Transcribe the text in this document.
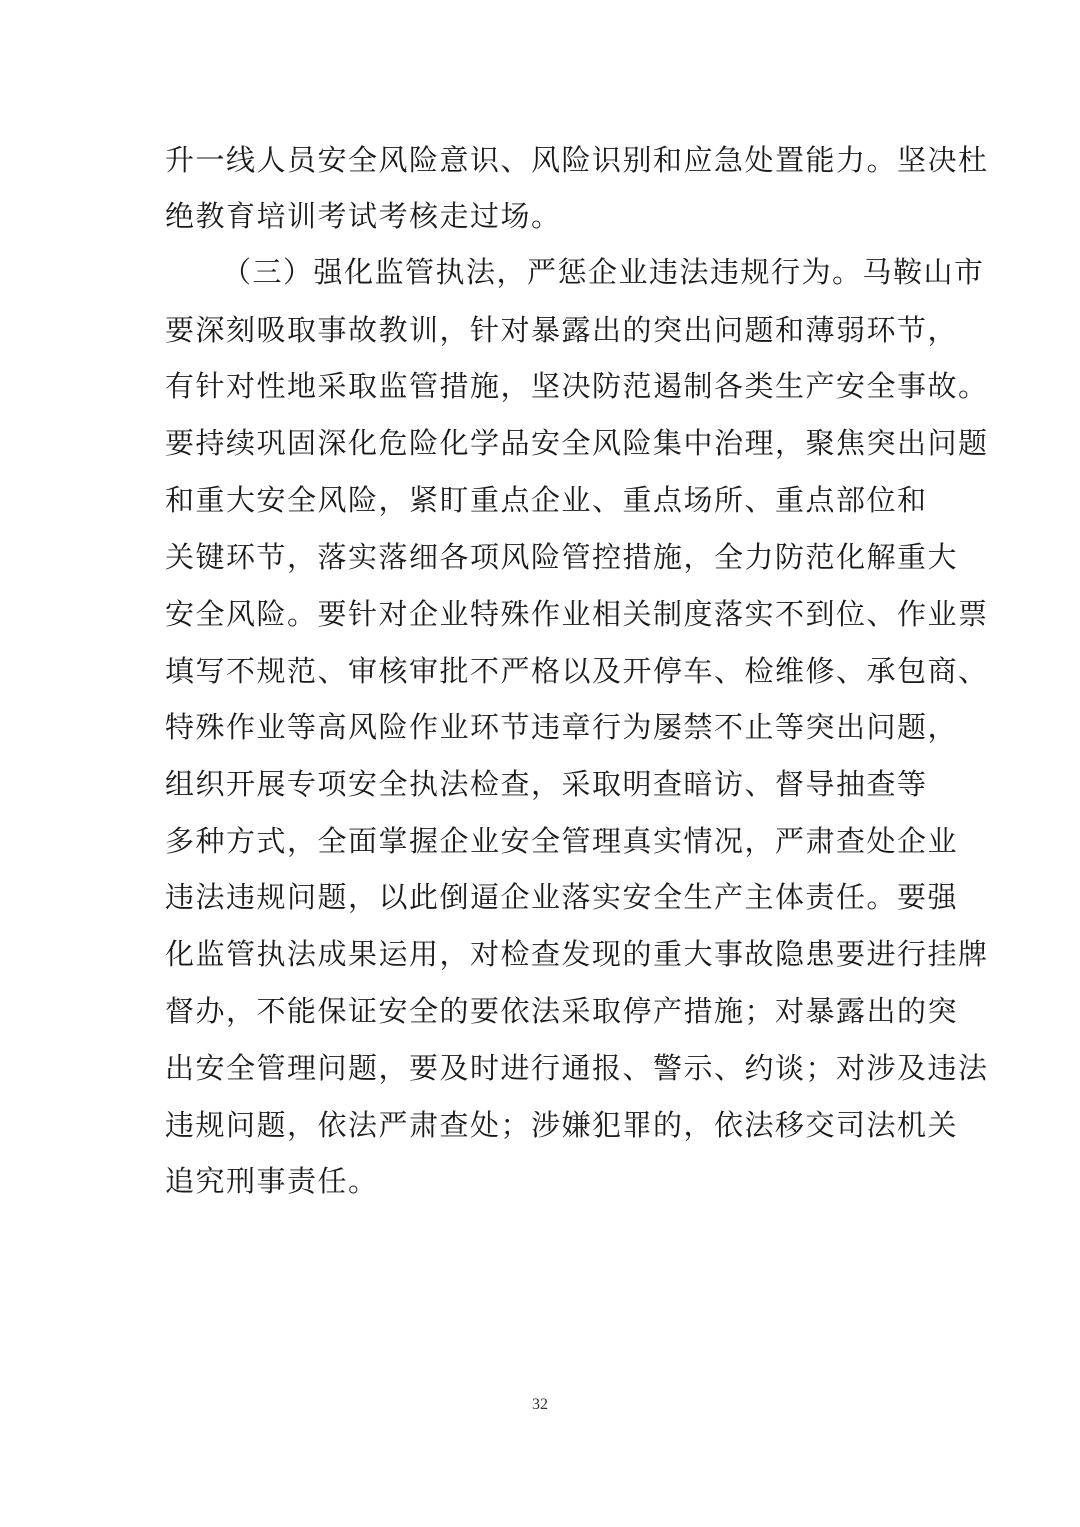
升一线人员安全风险意识、风险识别和应急处置能力。坚决杜
绝教育培训考试考核走过场。
（三）强化监管执法，严惩企业违法违规行为。马鞍山市
要深刻吸取事故教训，针对暴露出的突出问题和薄弱环节，
有针对性地采取监管措施，坚决防范遏制各类生产安全事故。
要持续巩固深化危险化学品安全风险集中治理，聚焦突出问题
和重大安全风险，紧盯重点企业、重点场所、重点部位和
关键环节，落实落细各项风险管控措施，全力防范化解重大
安全风险。要针对企业特殊作业相关制度落实不到位、作业票
填写不规范、审核审批不严格以及开停车、检维修、承包商、
特殊作业等高风险作业环节违章行为屡禁不止等突出问题，
组织开展专项安全执法检查，采取明查暗访、督导抽查等
多种方式，全面掌握企业安全管理真实情况，严肃查处企业
违法违规问题，以此倒逼企业落实安全生产主体责任。要强
化监管执法成果运用，对检查发现的重大事故隐患要进行挂牌
督办，不能保证安全的要依法采取停产措施；对暴露出的突
出安全管理问题，要及时进行通报、警示、约谈；对涉及违法
违规问题，依法严肃查处；涉嫌犯罪的，依法移交司法机关
追究刑事责任。
32
